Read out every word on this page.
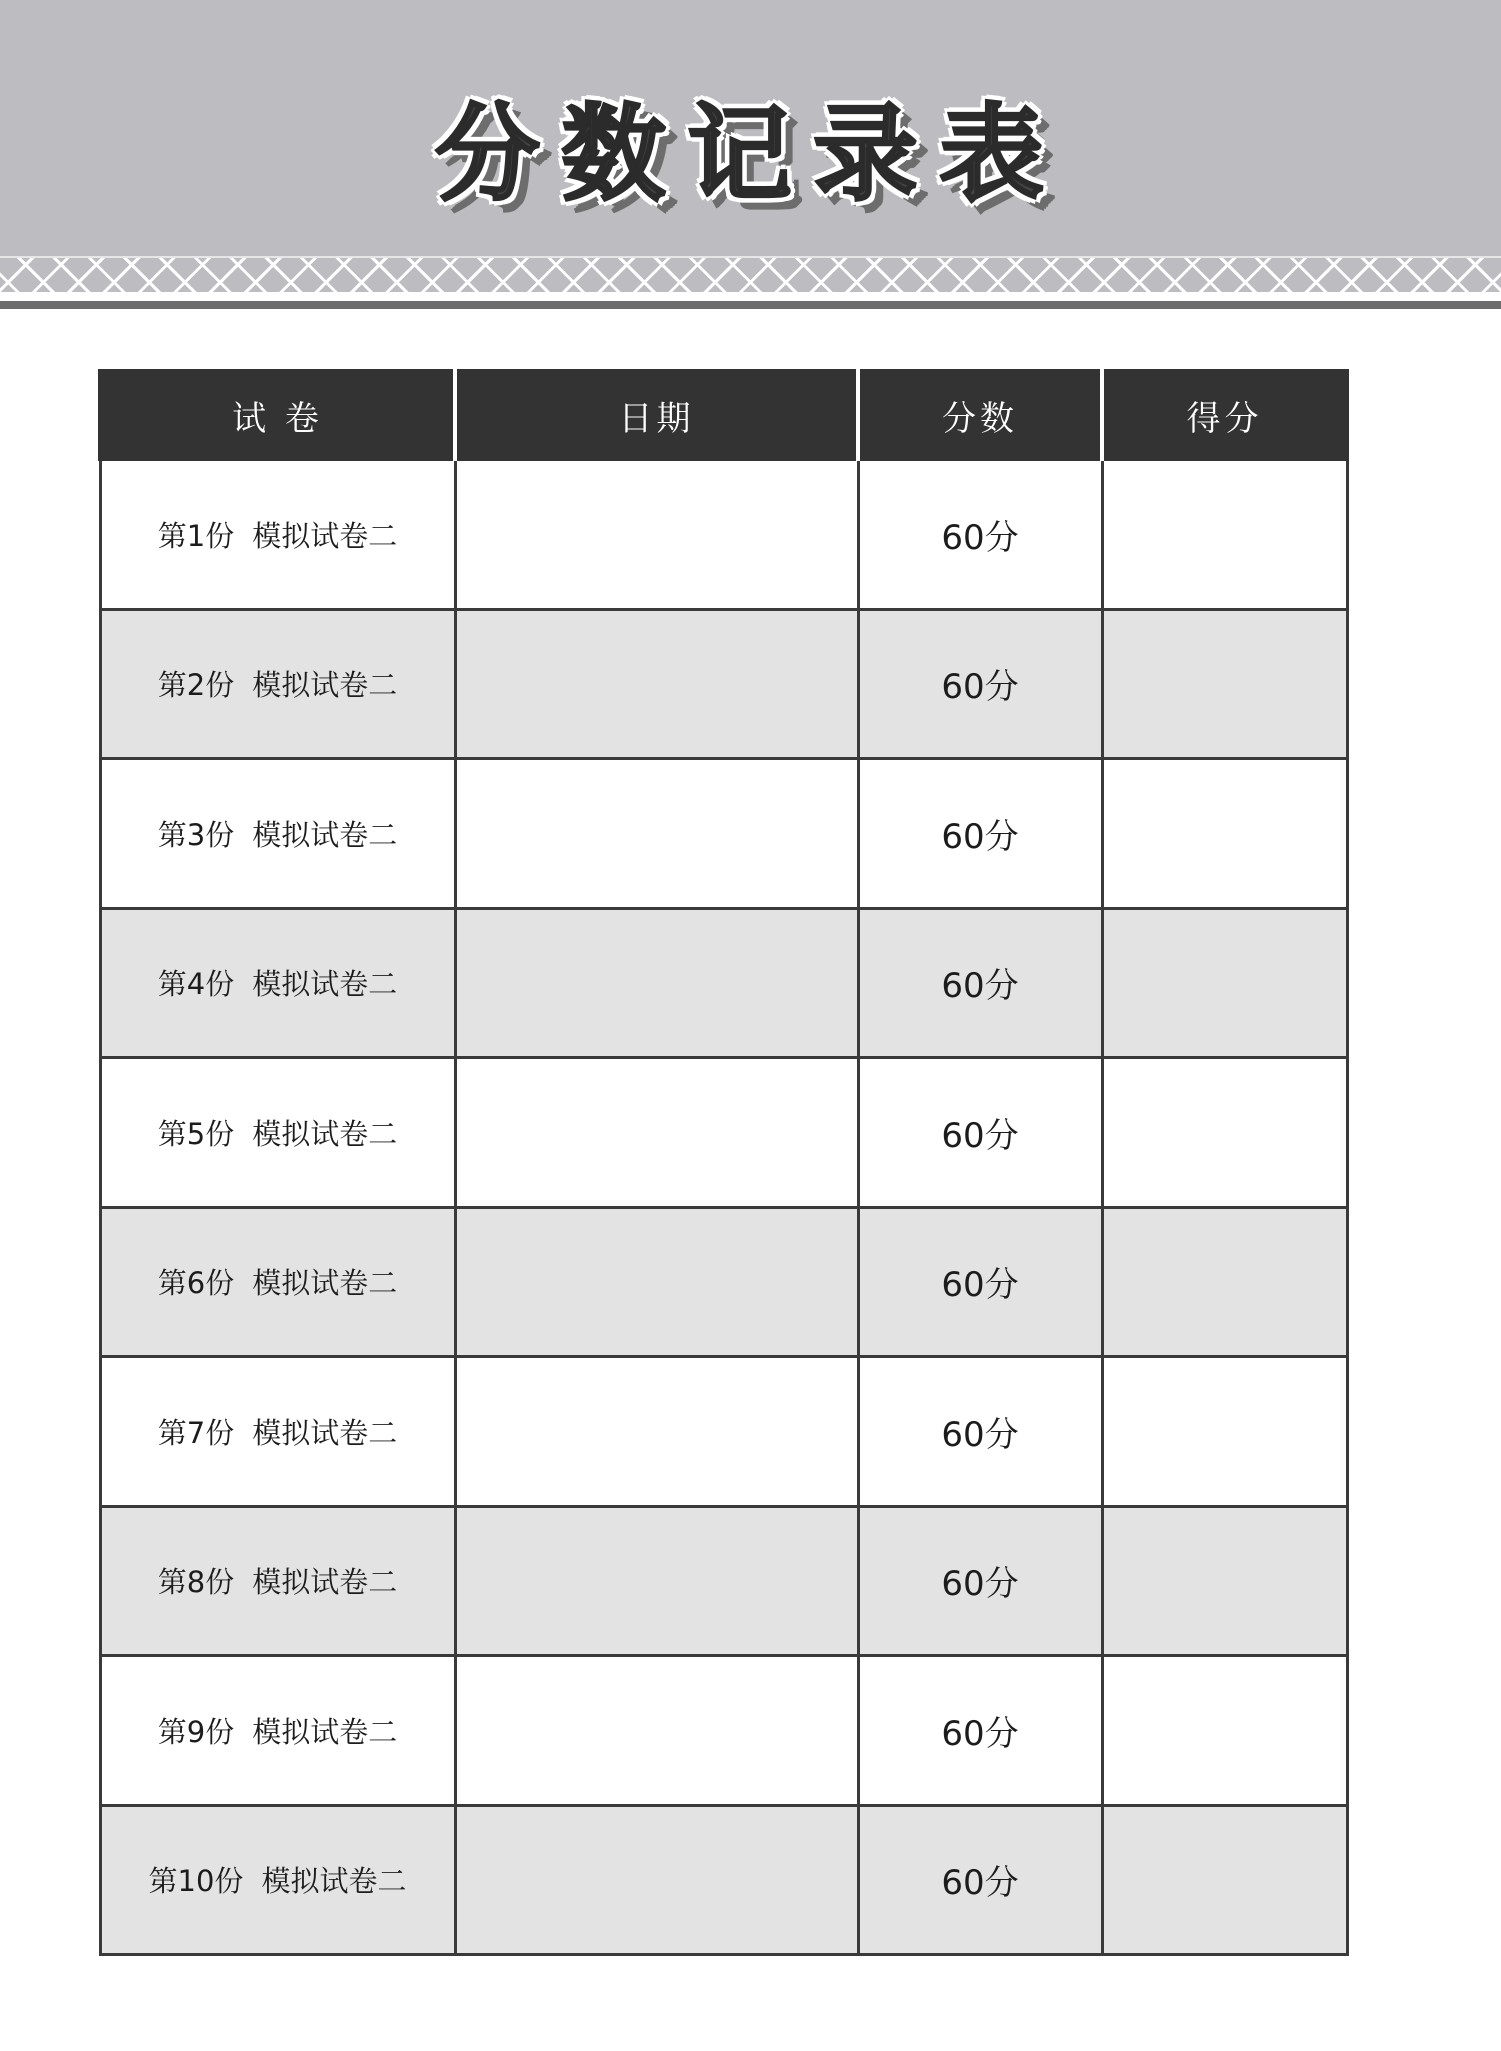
分数记录表
试 卷	日期	分数	得分
第1份 模拟试卷二		60分	
第2份 模拟试卷二		60分	
第3份 模拟试卷二		60分	
第4份 模拟试卷二		60分	
第5份 模拟试卷二		60分	
第6份 模拟试卷二		60分	
第7份 模拟试卷二		60分	
第8份 模拟试卷二		60分	
第9份 模拟试卷二		60分	
第10份 模拟试卷二		60分	
